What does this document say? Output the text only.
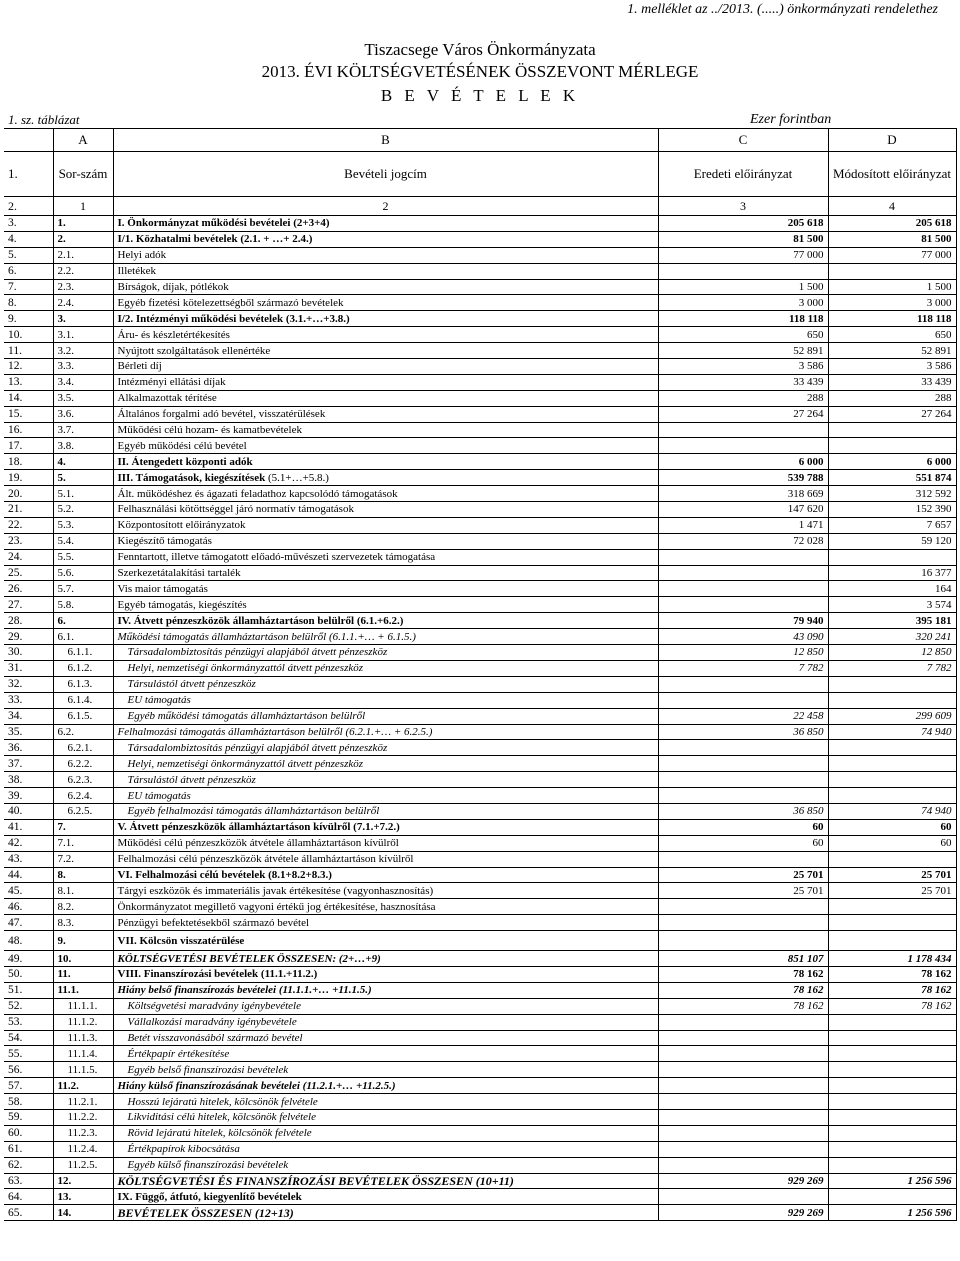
1. melléklet az ../2013. (.....) önkormányzati rendelethez
Tiszacsege Város Önkormányzata
2013. ÉVI KÖLTSÉGVETÉSÉNEK ÖSSZEVONT MÉRLEGE
B E V É T E L E K
1. sz. táblázat	Ezer forintban
	A	B	C	D
1.	Sor-szám	Bevételi jogcím	Eredeti előirányzat	Módosított előirányzat
2.	1	2	3	4
3.	1.	I. Önkormányzat működési bevételei (2+3+4)	205 618	205 618
4.	2.	I/1. Közhatalmi bevételek (2.1. + …+ 2.4.)	81 500	81 500
5.	2.1.	Helyi adók	77 000	77 000
6.	2.2.	Illetékek		
7.	2.3.	Bírságok, díjak, pótlékok	1 500	1 500
8.	2.4.	Egyéb fizetési kötelezettségből származó bevételek	3 000	3 000
9.	3.	I/2. Intézményi működési bevételek (3.1.+…+3.8.)	118 118	118 118
10.	3.1.	Áru- és készletértékesítés	650	650
11.	3.2.	Nyújtott szolgáltatások ellenértéke	52 891	52 891
12.	3.3.	Bérleti díj	3 586	3 586
13.	3.4.	Intézményi ellátási díjak	33 439	33 439
14.	3.5.	Alkalmazottak térítése	288	288
15.	3.6.	Általános forgalmi adó bevétel, visszatérülések	27 264	27 264
16.	3.7.	Működési célú hozam- és kamatbevételek		
17.	3.8.	Egyéb működési célú bevétel		
18.	4.	II. Átengedett központi adók	6 000	6 000
19.	5.	III. Támogatások, kiegészítések (5.1+…+5.8.)	539 788	551 874
20.	5.1.	Ált. működéshez és ágazati feladathoz kapcsolódó támogatások	318 669	312 592
21.	5.2.	Felhasználási kötöttséggel járó normatív támogatások	147 620	152 390
22.	5.3.	Központosított előirányzatok	1 471	7 657
23.	5.4.	Kiegészítő támogatás	72 028	59 120
24.	5.5.	Fenntartott, illetve támogatott előadó-művészeti szervezetek támogatása		
25.	5.6.	Szerkezetátalakítási tartalék		16 377
26.	5.7.	Vis maior támogatás		164
27.	5.8.	Egyéb támogatás, kiegészítés		3 574
28.	6.	IV. Átvett pénzeszközök államháztartáson belülről (6.1.+6.2.)	79 940	395 181
29.	6.1.	Működési támogatás államháztartáson belülről (6.1.1.+… + 6.1.5.)	43 090	320 241
30.	6.1.1.	Társadalombiztosítás pénzügyi alapjából átvett pénzeszköz	12 850	12 850
31.	6.1.2.	Helyi, nemzetiségi önkormányzattól átvett pénzeszköz	7 782	7 782
32.	6.1.3.	Társulástól átvett pénzeszköz		
33.	6.1.4.	EU támogatás		
34.	6.1.5.	Egyéb működési támogatás államháztartáson belülről	22 458	299 609
35.	6.2.	Felhalmozási támogatás államháztartáson belülről (6.2.1.+… + 6.2.5.)	36 850	74 940
36.	6.2.1.	Társadalombiztosítás pénzügyi alapjából átvett pénzeszköz		
37.	6.2.2.	Helyi, nemzetiségi önkormányzattól átvett pénzeszköz		
38.	6.2.3.	Társulástól átvett pénzeszköz		
39.	6.2.4.	EU támogatás		
40.	6.2.5.	Egyéb felhalmozási támogatás államháztartáson belülről	36 850	74 940
41.	7.	V. Átvett pénzeszközök államháztartáson kívülről (7.1.+7.2.)	60	60
42.	7.1.	Működési célú pénzeszközök átvétele államháztartáson kívülről	60	60
43.	7.2.	Felhalmozási célú pénzeszközök átvétele államháztartáson kívülről		
44.	8.	VI. Felhalmozási célú bevételek (8.1+8.2+8.3.)	25 701	25 701
45.	8.1.	Tárgyi eszközök és immateriális javak értékesítése (vagyonhasznosítás)	25 701	25 701
46.	8.2.	Önkormányzatot megillető vagyoni értékű jog értékesítése, hasznosítása		
47.	8.3.	Pénzügyi befektetésekből származó bevétel		
48.	9.	VII. Kölcsön visszatérülése		
49.	10.	KÖLTSÉGVETÉSI BEVÉTELEK ÖSSZESEN: (2+…+9)	851 107	1 178 434
50.	11.	VIII. Finanszírozási bevételek (11.1.+11.2.)	78 162	78 162
51.	11.1.	Hiány belső finanszírozás bevételei (11.1.1.+… +11.1.5.)	78 162	78 162
52.	11.1.1.	Költségvetési maradvány igénybevétele	78 162	78 162
53.	11.1.2.	Vállalkozási maradvány igénybevétele		
54.	11.1.3.	Betét visszavonásából származó bevétel		
55.	11.1.4.	Értékpapír értékesítése		
56.	11.1.5.	Egyéb belső finanszírozási bevételek		
57.	11.2.	Hiány külső finanszírozásának bevételei (11.2.1.+… +11.2.5.)		
58.	11.2.1.	Hosszú lejáratú hitelek, kölcsönök felvétele		
59.	11.2.2.	Likviditási célú hitelek, kölcsönök felvétele		
60.	11.2.3.	Rövid lejáratú hitelek, kölcsönök felvétele		
61.	11.2.4.	Értékpapírok kibocsátása		
62.	11.2.5.	Egyéb külső finanszírozási bevételek		
63.	12.	KÖLTSÉGVETÉSI ÉS FINANSZÍROZÁSI BEVÉTELEK ÖSSZESEN (10+11)	929 269	1 256 596
64.	13.	IX. Függő, átfutó, kiegyenlítő bevételek		
65.	14.	BEVÉTELEK ÖSSZESEN (12+13)	929 269	1 256 596
